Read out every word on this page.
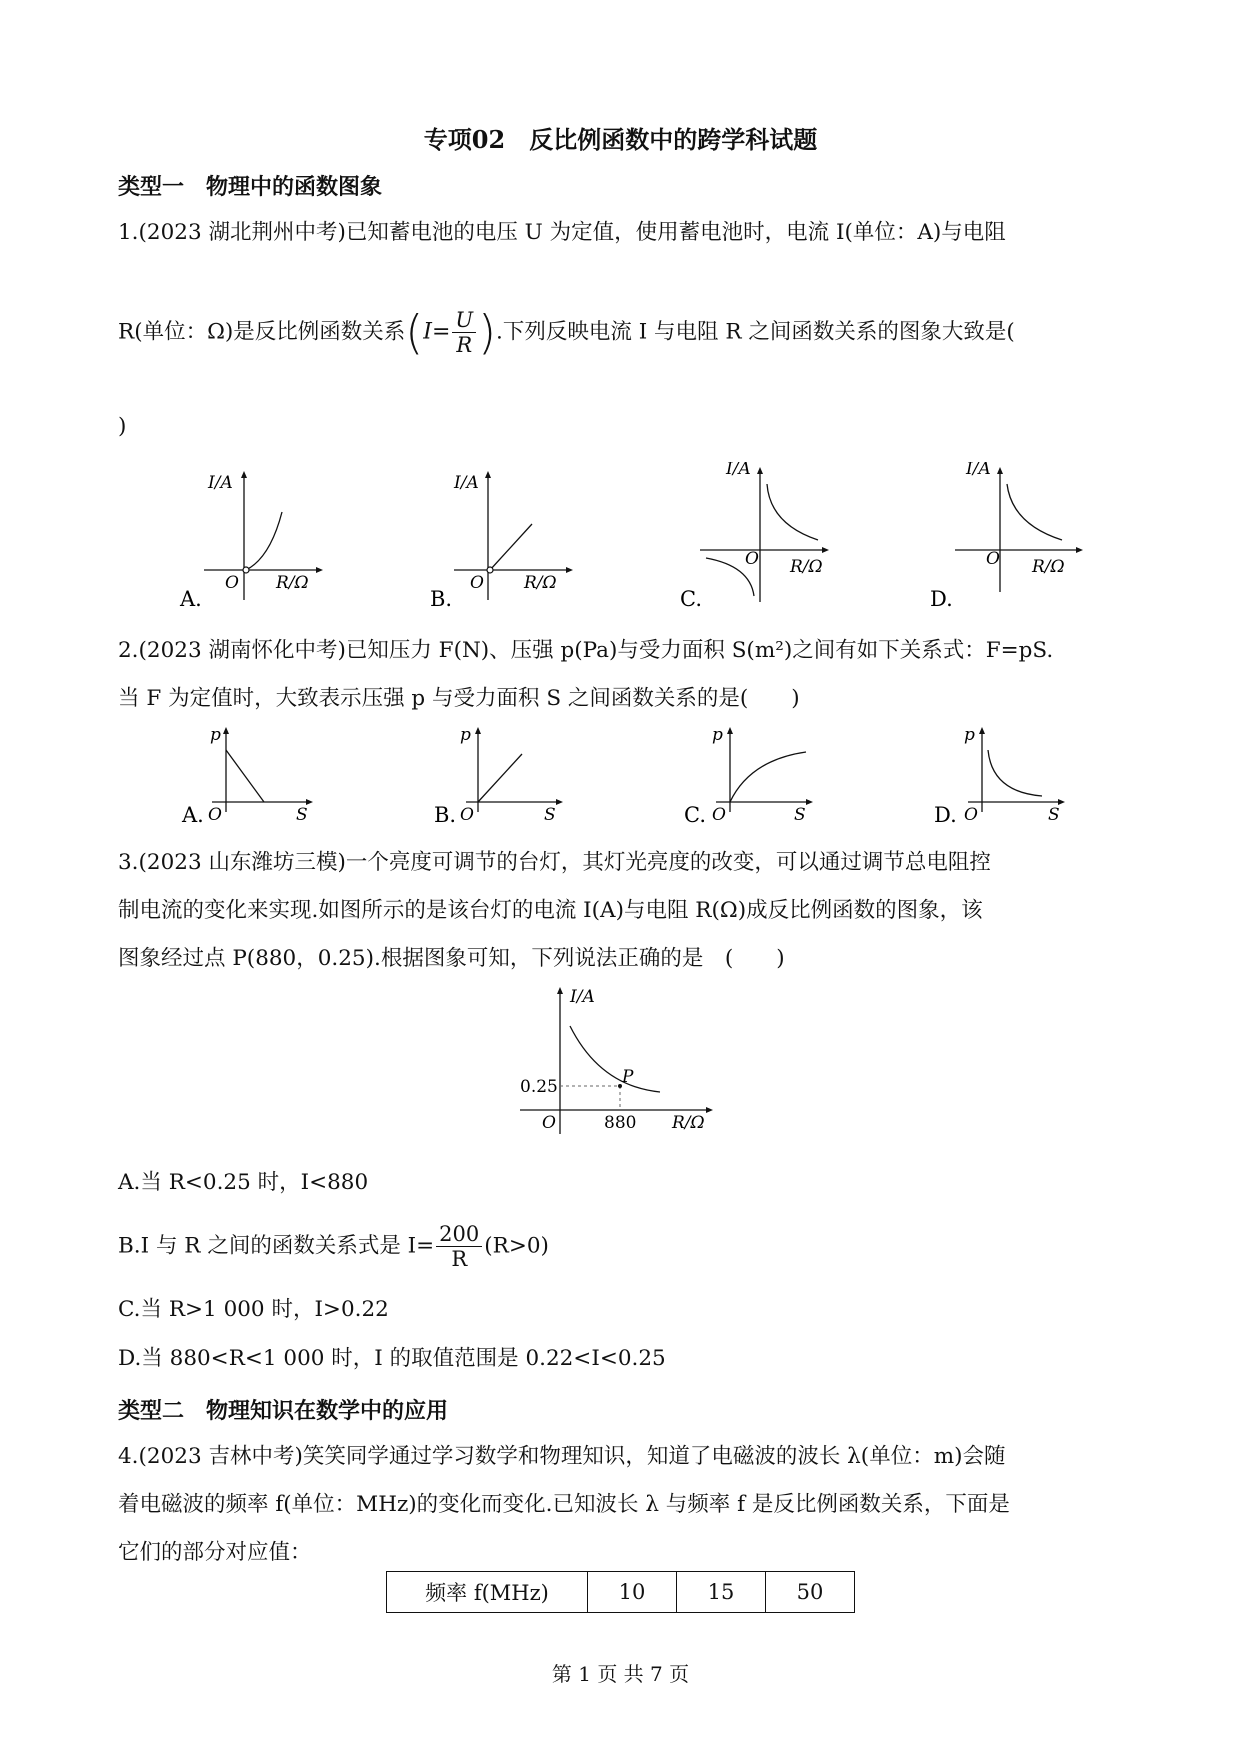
专项02　反比例函数中的跨学科试题
类型一　物理中的函数图象
1.(2023 湖北荆州中考)已知蓄电池的电压 U 为定值，使用蓄电池时，电流 I(单位：A)与电阻
R(单位：Ω)是反比例函数关系($I= \frac{U}{R}$ ).下列反映电流 I 与电阻 R 之间函数关系的图象大致是(
)
I/A
R/Ω
O
A.
I/A
R/Ω
O
B.
I/A
R/Ω
O
C.
I/A
R/Ω
O
D.
2.(2023 湖南怀化中考)已知压力 F(N)、压强 p(Pa)与受力面积 S(m²)之间有如下关系式：F=pS.
当 F 为定值时，大致表示压强 p 与受力面积 S 之间函数关系的是(　　)
p
S
O
A.
p
S
O
B.
p
S
O
C.
p
S
O
D.
3.(2023 山东潍坊三模)一个亮度可调节的台灯，其灯光亮度的改变，可以通过调节总电阻控
制电流的变化来实现.如图所示的是该台灯的电流 I(A)与电阻 R(Ω)成反比例函数的图象，该
图象经过点 P(880，0.25).根据图象可知，下列说法正确的是　(　　)
I/A
R/Ω
O
P
0.25
880
A.当 R<0.25 时，I<880
B.I 与 R 之间的函数关系式是 $I= \frac{200}{R} (R>0)$
C.当 R>1 000 时，I>0.22
D.当 880<R<1 000 时，I 的取值范围是 0.22<I<0.25
类型二　物理知识在数学中的应用
4.(2023 吉林中考)笑笑同学通过学习数学和物理知识，知道了电磁波的波长 λ(单位：m)会随
着电磁波的频率 f(单位：MHz)的变化而变化.已知波长 λ 与频率 f 是反比例函数关系，下面是
它们的部分对应值：
频率 f(MHz)	10	15	50
第 1 页 共 7 页
